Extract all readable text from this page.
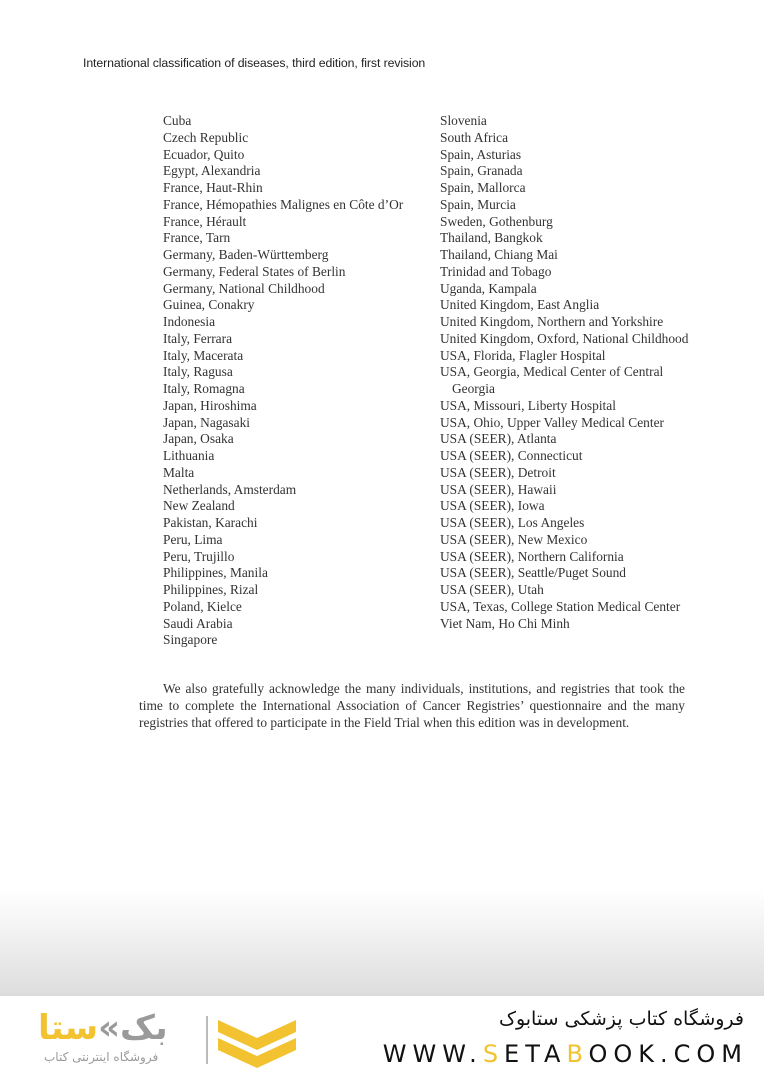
International classification of diseases, third edition, first revision
Cuba
Czech Republic
Ecuador, Quito
Egypt, Alexandria
France, Haut-Rhin
France, Hémopathies Malignes en Côte d’Or
France, Hérault
France, Tarn
Germany, Baden-Württemberg
Germany, Federal States of Berlin
Germany, National Childhood
Guinea, Conakry
Indonesia
Italy, Ferrara
Italy, Macerata
Italy, Ragusa
Italy, Romagna
Japan, Hiroshima
Japan, Nagasaki
Japan, Osaka
Lithuania
Malta
Netherlands, Amsterdam
New Zealand
Pakistan, Karachi
Peru, Lima
Peru, Trujillo
Philippines, Manila
Philippines, Rizal
Poland, Kielce
Saudi Arabia
Singapore
Slovenia
South Africa
Spain, Asturias
Spain, Granada
Spain, Mallorca
Spain, Murcia
Sweden, Gothenburg
Thailand, Bangkok
Thailand, Chiang Mai
Trinidad and Tobago
Uganda, Kampala
United Kingdom, East Anglia
United Kingdom, Northern and Yorkshire
United Kingdom, Oxford, National Childhood
USA, Florida, Flagler Hospital
USA, Georgia, Medical Center of Central Georgia
USA, Missouri, Liberty Hospital
USA, Ohio, Upper Valley Medical Center
USA (SEER), Atlanta
USA (SEER), Connecticut
USA (SEER), Detroit
USA (SEER), Hawaii
USA (SEER), Iowa
USA (SEER), Los Angeles
USA (SEER), New Mexico
USA (SEER), Northern California
USA (SEER), Seattle/Puget Sound
USA (SEER), Utah
USA, Texas, College Station Medical Center
Viet Nam, Ho Chi Minh

We also gratefully acknowledge the many individuals, institutions, and registries that took the time to complete the International Association of Cancer Registries’ questionnaire and the many registries that offered to participate in the Field Trial when this edition was in development.

بک»ستا
فروشگاه اینترنتی کتاب
فروشگاه کتاب پزشکی ستابوک
WWW.SETABOOK.COM
